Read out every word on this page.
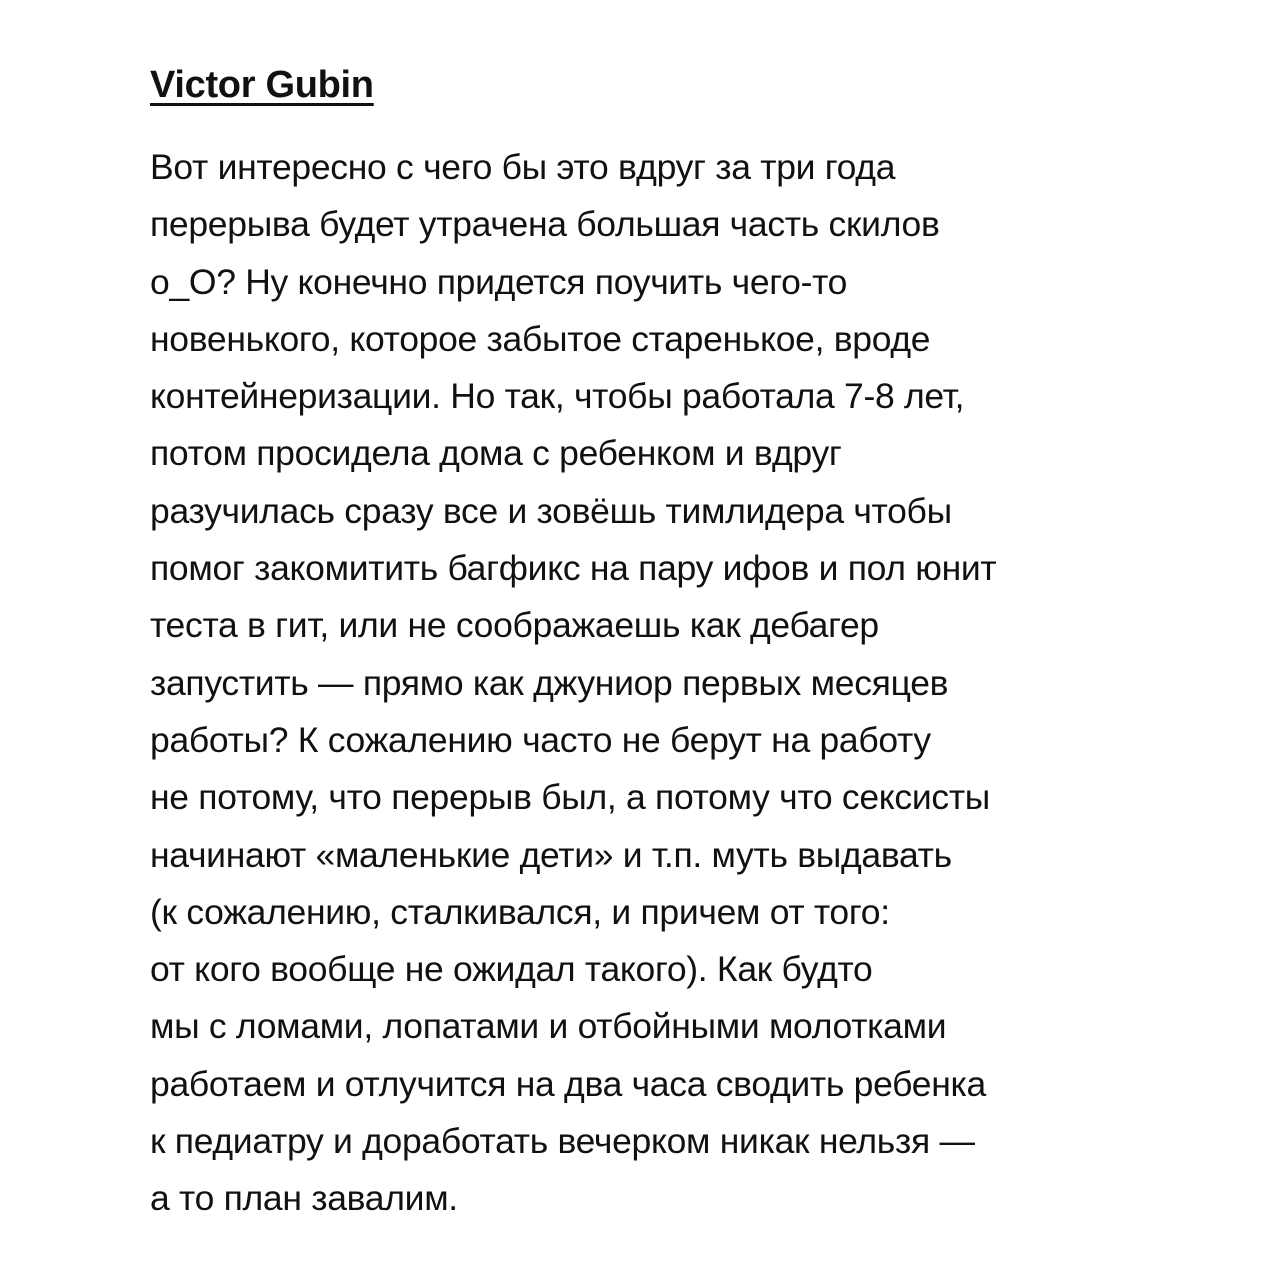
Victor Gubin
Вот интересно с чего бы это вдруг за три года
перерыва будет утрачена большая часть скилов
о_О? Ну конечно придется поучить чего-то
новенького, которое забытое старенькое, вроде
контейнеризации. Но так, чтобы работала 7-8 лет,
потом просидела дома с ребенком и вдруг
разучилась сразу все и зовёшь тимлидера чтобы
помог закомитить багфикс на пару ифов и пол юнит
теста в гит, или не соображаешь как дебагер
запустить — прямо как джуниор первых месяцев
работы? К сожалению часто не берут на работу
не потому, что перерыв был, а потому что сексисты
начинают «маленькие дети» и т.п. муть выдавать
(к сожалению, сталкивался, и причем от того:
от кого вообще не ожидал такого). Как будто
мы с ломами, лопатами и отбойными молотками
работаем и отлучится на два часа сводить ребенка
к педиатру и доработать вечерком никак нельзя —
а то план завалим.
